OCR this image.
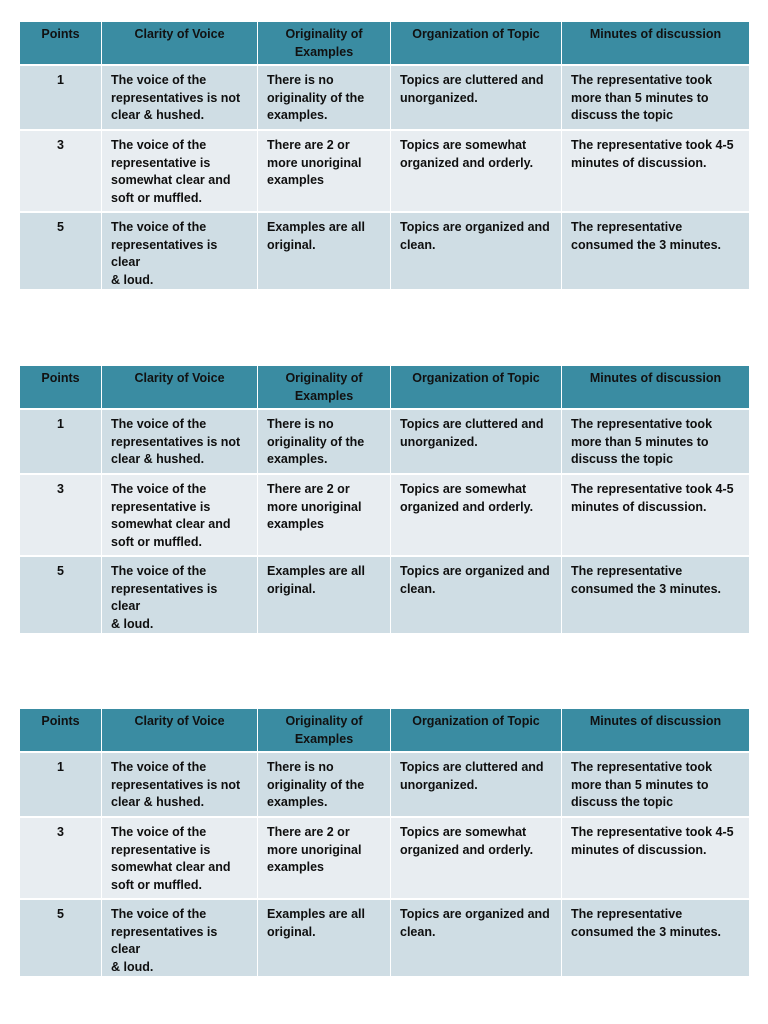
Points	Clarity of Voice	Originality of
Examples	Organization of Topic	Minutes of discussion
1	The voice of the
representatives is not
clear & hushed.	There is no
originality of the
examples.	Topics are cluttered and
unorganized.	The representative took
more than 5 minutes to
discuss the topic
3	The voice of the
representative is
somewhat clear and
soft or muffled.	There are 2 or
more unoriginal
examples	Topics are somewhat
organized and orderly.	The representative took 4-5
minutes of discussion.
5	The voice of the
representatives is clear
& loud.	Examples are all
original.	Topics are organized and
clean.	The representative
consumed the 3 minutes.
Points	Clarity of Voice	Originality of
Examples	Organization of Topic	Minutes of discussion
1	The voice of the
representatives is not
clear & hushed.	There is no
originality of the
examples.	Topics are cluttered and
unorganized.	The representative took
more than 5 minutes to
discuss the topic
3	The voice of the
representative is
somewhat clear and
soft or muffled.	There are 2 or
more unoriginal
examples	Topics are somewhat
organized and orderly.	The representative took 4-5
minutes of discussion.
5	The voice of the
representatives is clear
& loud.	Examples are all
original.	Topics are organized and
clean.	The representative
consumed the 3 minutes.
Points	Clarity of Voice	Originality of
Examples	Organization of Topic	Minutes of discussion
1	The voice of the
representatives is not
clear & hushed.	There is no
originality of the
examples.	Topics are cluttered and
unorganized.	The representative took
more than 5 minutes to
discuss the topic
3	The voice of the
representative is
somewhat clear and
soft or muffled.	There are 2 or
more unoriginal
examples	Topics are somewhat
organized and orderly.	The representative took 4-5
minutes of discussion.
5	The voice of the
representatives is clear
& loud.	Examples are all
original.	Topics are organized and
clean.	The representative
consumed the 3 minutes.
